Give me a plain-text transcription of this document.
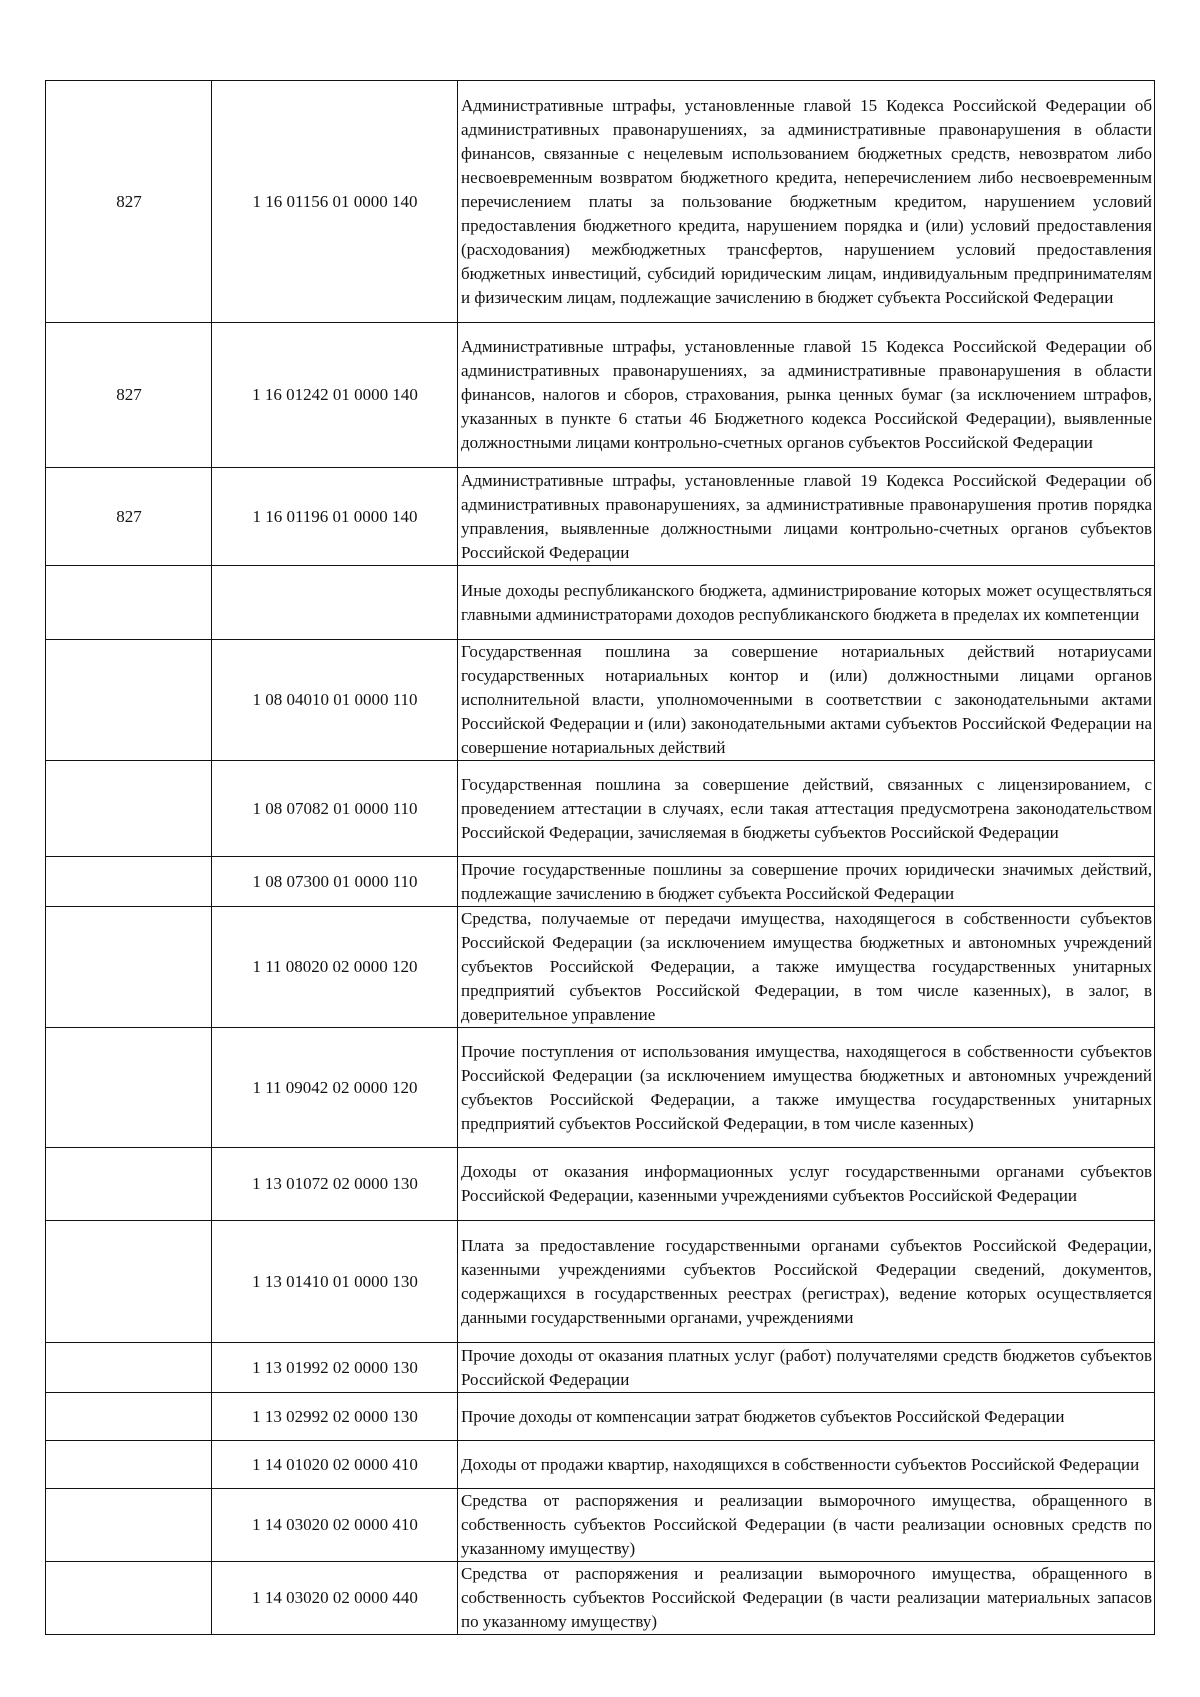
827	1 16 01156 01 0000 140	Административные штрафы, установленные главой 15 Кодекса Российской Федерации об административных правонарушениях, за административные правонарушения в области финансов, связанные с нецелевым использованием бюджетных средств, невозвратом либо несвоевременным возвратом бюджетного кредита, неперечислением либо несвоевременным перечислением платы за пользование бюджетным кредитом, нарушением условий предоставления бюджетного кредита, нарушением порядка и (или) условий предоставления (расходования) межбюджетных трансфертов, нарушением условий предоставления бюджетных инвестиций, субсидий юридическим лицам, индивидуальным предпринимателям и физическим лицам, подлежащие зачислению в бюджет субъекта Российской Федерации
827	1 16 01242 01 0000 140	Административные штрафы, установленные главой 15 Кодекса Российской Федерации об административных правонарушениях, за административные правонарушения в области финансов, налогов и сборов, страхования, рынка ценных бумаг (за исключением штрафов, указанных в пункте 6 статьи 46 Бюджетного кодекса Российской Федерации), выявленные должностными лицами контрольно-счетных органов субъектов Российской Федерации
827	1 16 01196 01 0000 140	Административные штрафы, установленные главой 19 Кодекса Российской Федерации об административных правонарушениях, за административные правонарушения против порядка управления, выявленные должностными лицами контрольно-счетных органов субъектов Российской Федерации
		Иные доходы республиканского бюджета, администрирование которых может осуществляться главными администраторами доходов республиканского бюджета в пределах их компетенции
	1 08 04010 01 0000 110	Государственная пошлина за совершение нотариальных действий нотариусами государственных нотариальных контор и (или) должностными лицами органов исполнительной власти, уполномоченными в соответствии с законодательными актами Российской Федерации и (или) законодательными актами субъектов Российской Федерации на совершение нотариальных действий
	1 08 07082 01 0000 110	Государственная пошлина за совершение действий, связанных с лицензированием, с проведением аттестации в случаях, если такая аттестация предусмотрена законодательством Российской Федерации, зачисляемая в бюджеты субъектов Российской Федерации
	1 08 07300 01 0000 110	Прочие государственные пошлины за совершение прочих юридически значимых действий, подлежащие зачислению в бюджет субъекта Российской Федерации
	1 11 08020 02 0000 120	Средства, получаемые от передачи имущества, находящегося в собственности субъектов Российской Федерации (за исключением имущества бюджетных и автономных учреждений субъектов Российской Федерации, а также имущества государственных унитарных предприятий субъектов Российской Федерации, в том числе казенных), в залог, в доверительное управление
	1 11 09042 02 0000 120	Прочие поступления от использования имущества, находящегося в собственности субъектов Российской Федерации (за исключением имущества бюджетных и автономных учреждений субъектов Российской Федерации, а также имущества государственных унитарных предприятий субъектов Российской Федерации, в том числе казенных)
	1 13 01072 02 0000 130	Доходы от оказания информационных услуг государственными органами субъектов Российской Федерации, казенными учреждениями субъектов Российской Федерации
	1 13 01410 01 0000 130	Плата за предоставление государственными органами субъектов Российской Федерации, казенными учреждениями субъектов Российской Федерации сведений, документов, содержащихся в государственных реестрах (регистрах), ведение которых осуществляется данными государственными органами, учреждениями
	1 13 01992 02 0000 130	Прочие доходы от оказания платных услуг (работ) получателями средств бюджетов субъектов Российской Федерации
	1 13 02992 02 0000 130	Прочие доходы от компенсации затрат бюджетов субъектов Российской Федерации
	1 14 01020 02 0000 410	Доходы от продажи квартир, находящихся в собственности субъектов Российской Федерации
	1 14 03020 02 0000 410	Средства от распоряжения и реализации выморочного имущества, обращенного в собственность субъектов Российской Федерации (в части реализации основных средств по указанному имуществу)
	1 14 03020 02 0000 440	Средства от распоряжения и реализации выморочного имущества, обращенного в собственность субъектов Российской Федерации (в части реализации материальных запасов по указанному имуществу)
